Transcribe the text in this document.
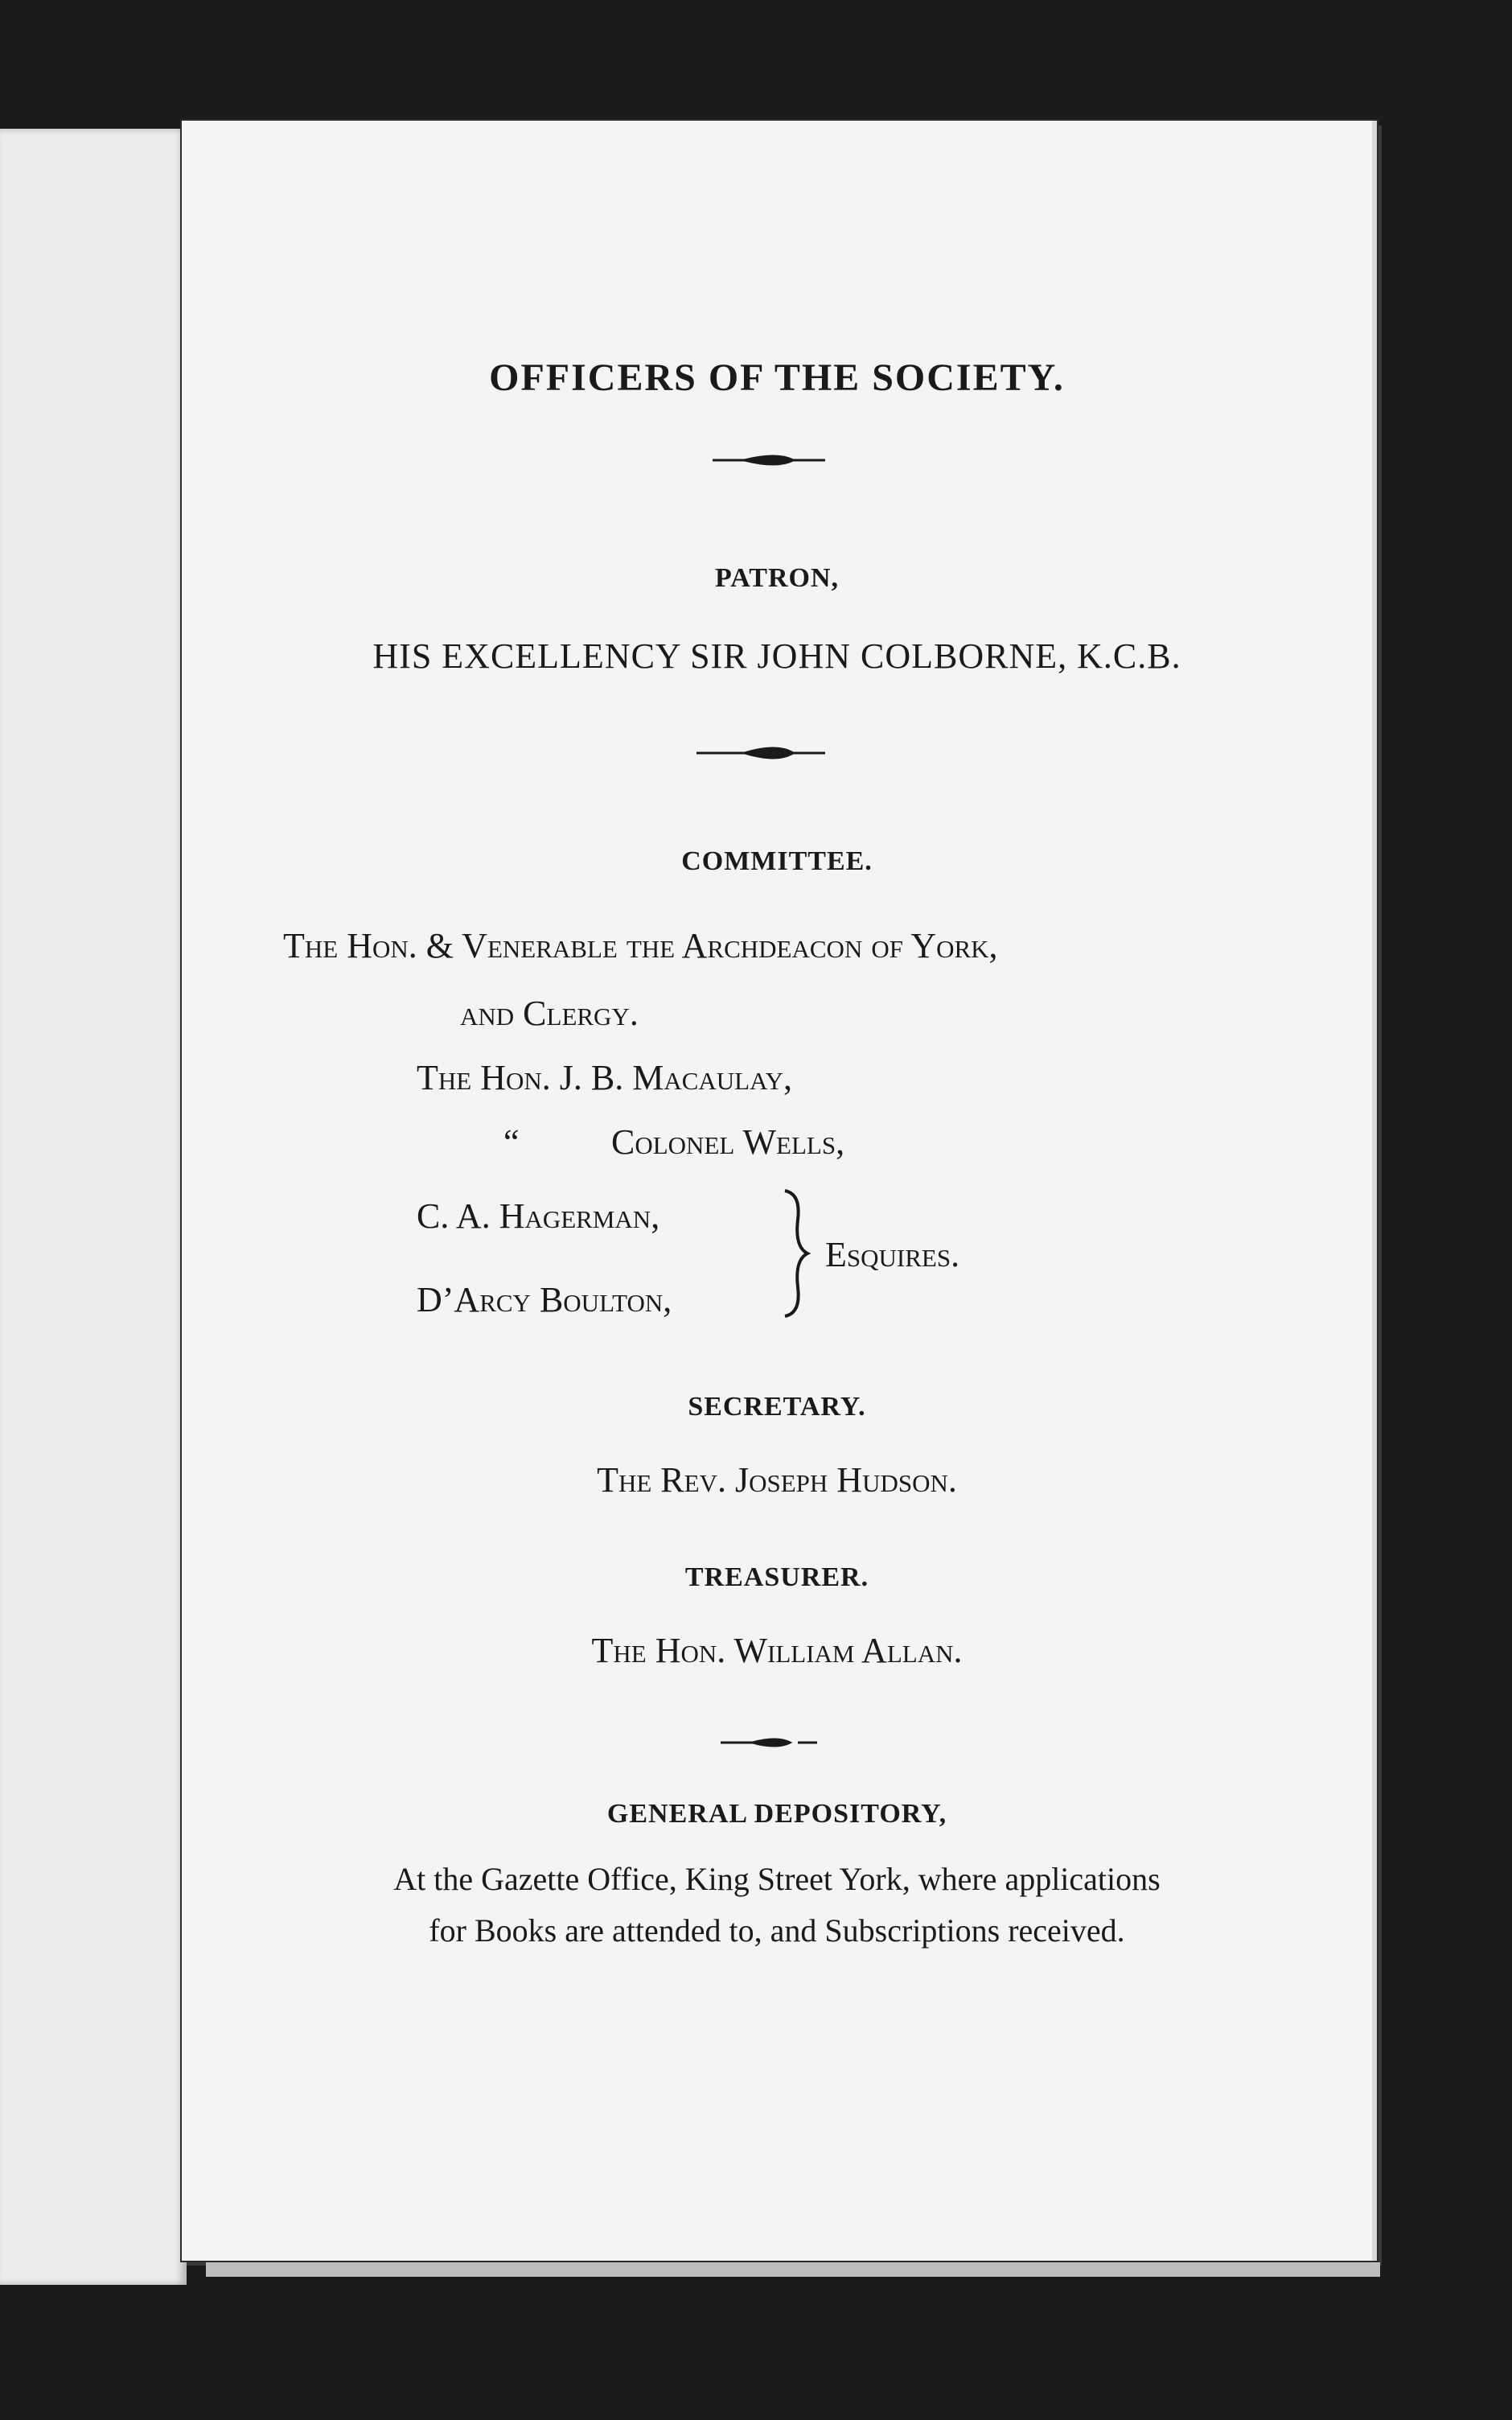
OFFICERS OF THE SOCIETY.

PATRON,

HIS EXCELLENCY SIR JOHN COLBORNE, K.C.B.

COMMITTEE.

The Hon. & Venerable the Archdeacon of York,

and Clergy.

The Hon. J. B. Macaulay,

“	Colonel Wells,

C. A. Hagerman,

D’Arcy Boulton,

Esquires.

SECRETARY.

The Rev. Joseph Hudson.

TREASURER.

The Hon. William Allan.

GENERAL DEPOSITORY,

At the Gazette Office, King Street York, where applications

for Books are attended to, and Subscriptions received.
